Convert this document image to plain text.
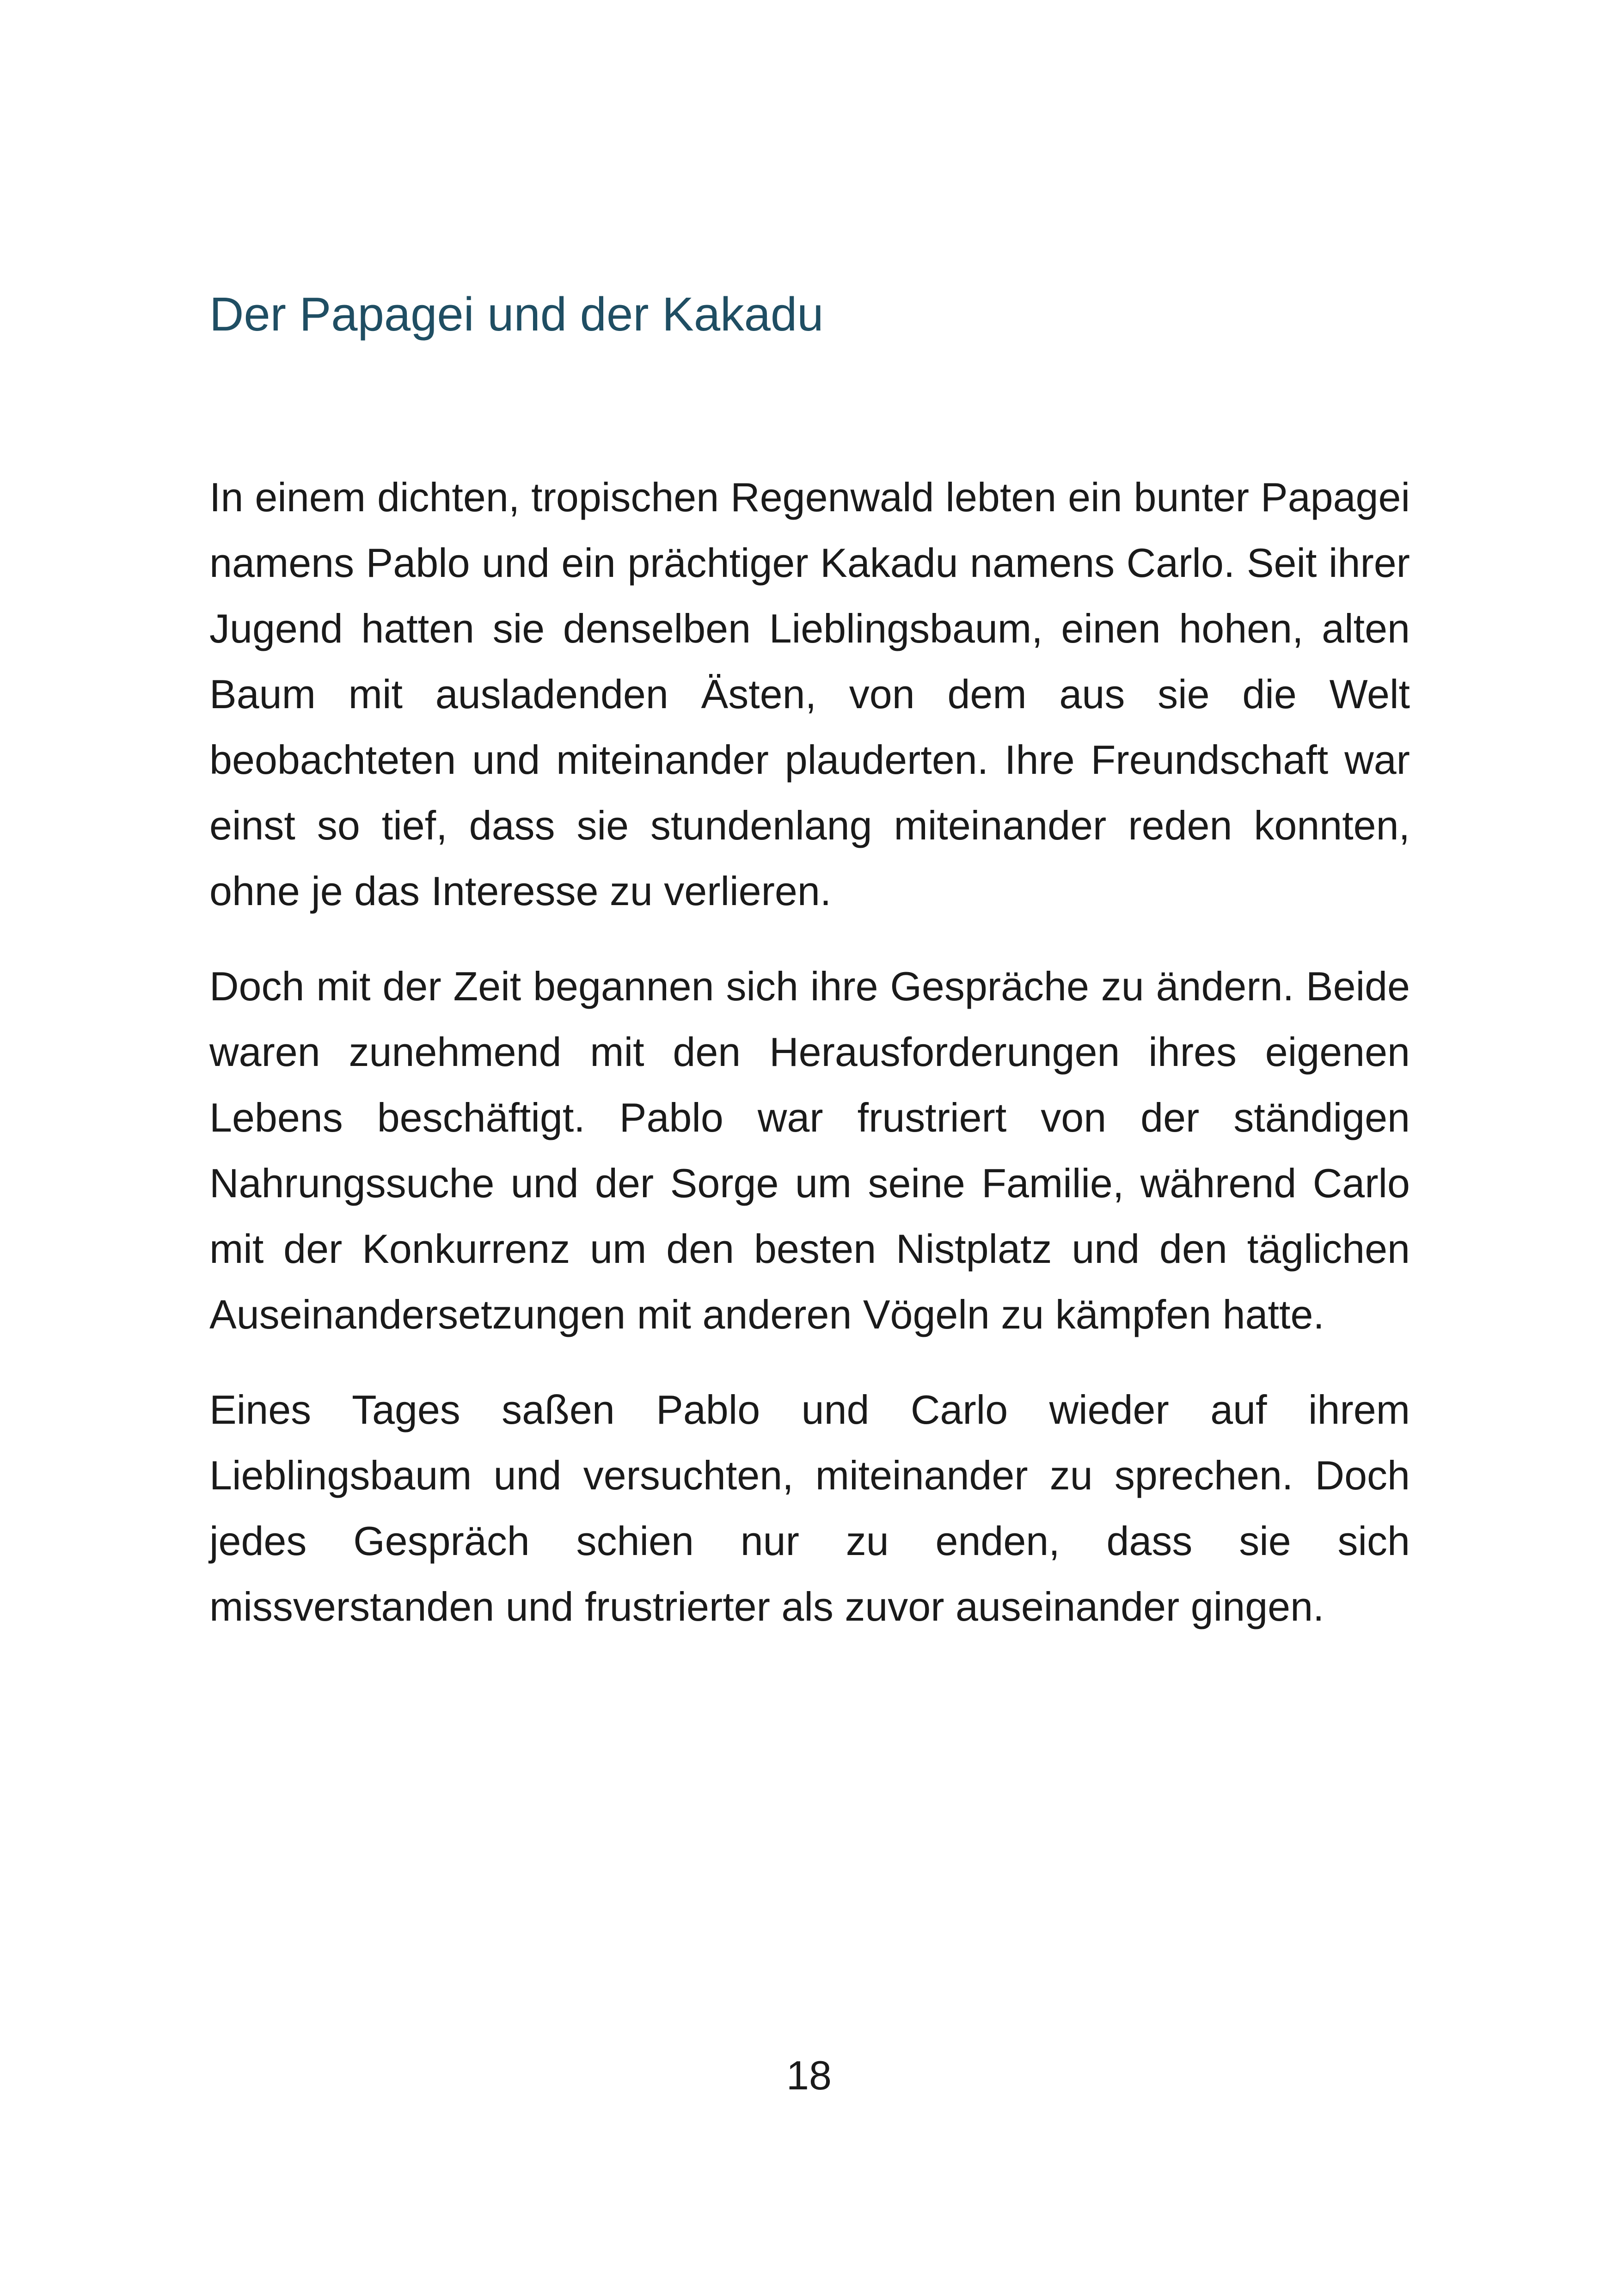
Der Papagei und der Kakadu

In einem dichten, tropischen Regenwald lebten ein bunter Papagei namens Pablo und ein prächtiger Kakadu namens Carlo. Seit ihrer Jugend hatten sie denselben Lieblingsbaum, einen hohen, alten Baum mit ausladenden Ästen, von dem aus sie die Welt beobachteten und miteinander plauderten. Ihre Freundschaft war einst so tief, dass sie stundenlang miteinander reden konnten, ohne je das Interesse zu verlieren.

Doch mit der Zeit begannen sich ihre Gespräche zu ändern. Beide waren zunehmend mit den Herausforderungen ihres eigenen Lebens beschäftigt. Pablo war frustriert von der ständigen Nahrungssuche und der Sorge um seine Familie, während Carlo mit der Konkurrenz um den besten Nistplatz und den täglichen Auseinandersetzungen mit anderen Vögeln zu kämpfen hatte.

Eines Tages saßen Pablo und Carlo wieder auf ihrem Lieblingsbaum und versuchten, miteinander zu sprechen. Doch jedes Gespräch schien nur zu enden, dass sie sich missverstanden und frustrierter als zuvor auseinander gingen.

18
